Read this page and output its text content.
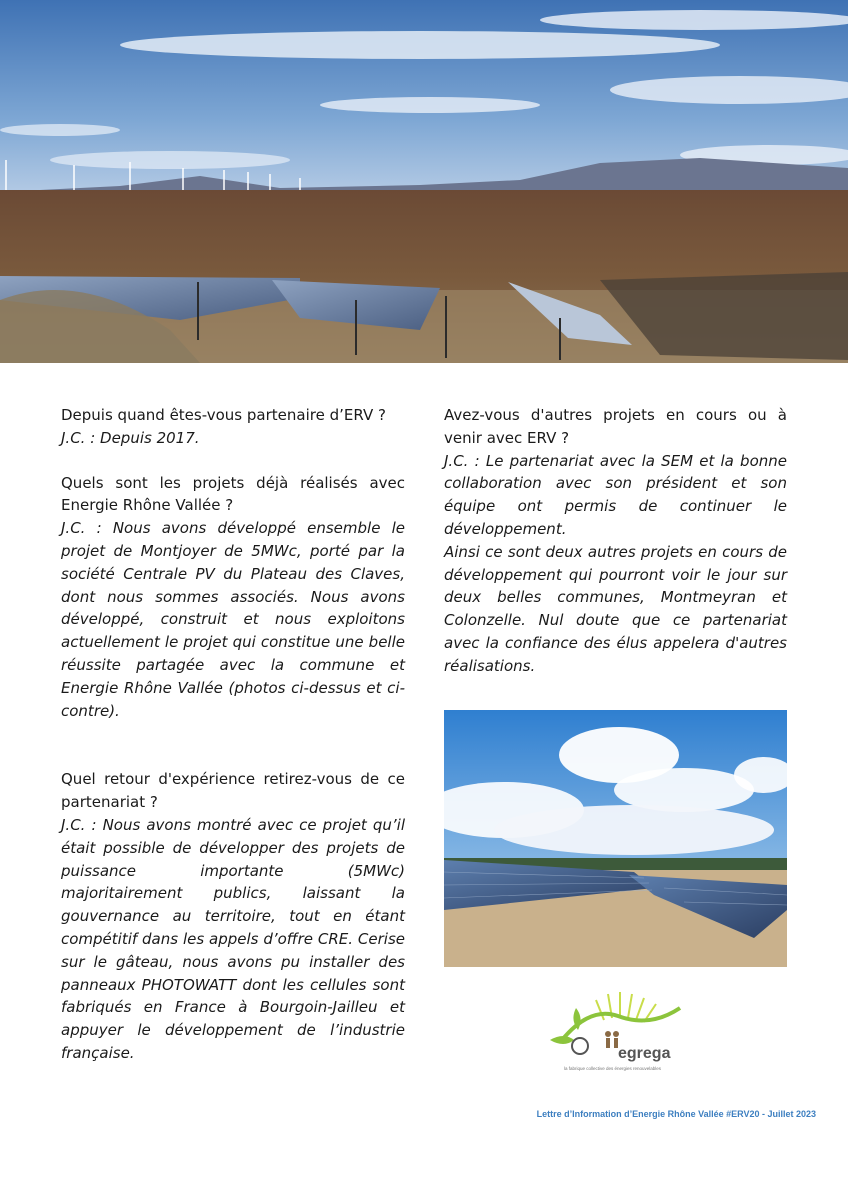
Depuis quand êtes-vous partenaire d’ERV ?

J.C. : Depuis 2017.

Quels sont les projets déjà réalisés avec Energie Rhône Vallée ?

J.C. : Nous avons développé ensemble le projet de Montjoyer de 5MWc, porté par la société Centrale PV du Plateau des Claves, dont nous sommes associés. Nous avons développé, construit et nous exploitons actuellement le projet qui constitue une belle réussite partagée avec la commune et Energie Rhône Vallée (photos ci-dessus et ci-contre).

Quel retour d'expérience retirez-vous de ce partenariat ?

J.C. : Nous avons montré avec ce projet qu’il était possible de développer des projets de puissance importante (5MWc) majoritairement publics, laissant la gouvernance au territoire, tout en étant compétitif dans les appels d’offre CRE. Cerise sur le gâteau, nous avons pu installer des panneaux PHOTOWATT dont les cellules sont fabriqués en France à Bourgoin-Jailleu et appuyer le développement de l’industrie française.

Avez-vous d'autres projets en cours ou à venir avec ERV ?

J.C. : Le partenariat avec la SEM et la bonne collaboration avec son président et son équipe ont permis de continuer le développement.

Ainsi ce sont deux autres projets en cours de développement qui pourront voir le jour sur deux belles communes, Montmeyran et Colonzelle. Nul doute que ce partenariat avec la confiance des élus appelera d'autres réalisations.

egrega
la fabrique collective des énergies renouvelables
Lettre d’Information d’Energie Rhône Vallée #ERV20 - Juillet 2023
